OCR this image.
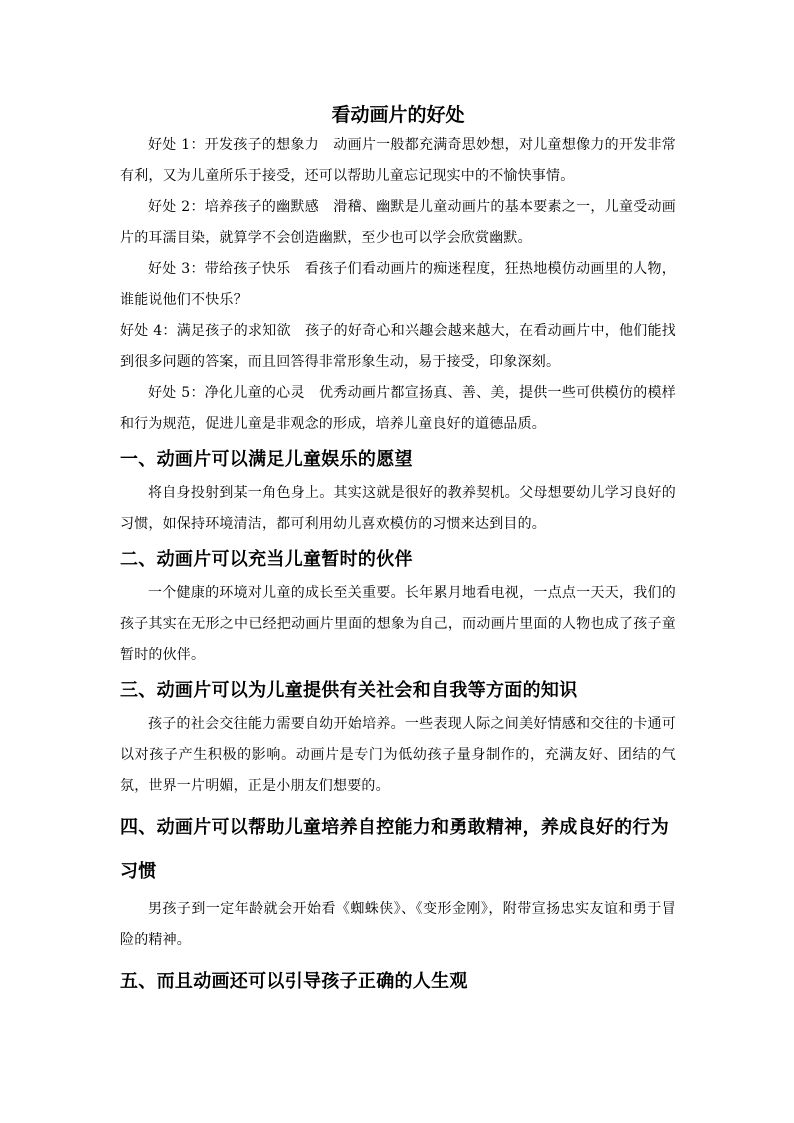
看动画片的好处

好处 1：开发孩子的想象力　动画片一般都充满奇思妙想，对儿童想像力的开发非常有利，又为儿童所乐于接受，还可以帮助儿童忘记现实中的不愉快事情。

好处 2：培养孩子的幽默感　滑稽、幽默是儿童动画片的基本要素之一，儿童受动画片的耳濡目染，就算学不会创造幽默，至少也可以学会欣赏幽默。

好处 3：带给孩子快乐　看孩子们看动画片的痴迷程度，狂热地模仿动画里的人物，谁能说他们不快乐？

好处 4：满足孩子的求知欲　孩子的好奇心和兴趣会越来越大，在看动画片中，他们能找到很多问题的答案，而且回答得非常形象生动，易于接受，印象深刻。

好处 5：净化儿童的心灵　优秀动画片都宣扬真、善、美，提供一些可供模仿的模样和行为规范，促进儿童是非观念的形成，培养儿童良好的道德品质。

一、动画片可以满足儿童娱乐的愿望

将自身投射到某一角色身上。其实这就是很好的教养契机。父母想要幼儿学习良好的习惯，如保持环境清洁，都可利用幼儿喜欢模仿的习惯来达到目的。

二、动画片可以充当儿童暂时的伙伴

一个健康的环境对儿童的成长至关重要。长年累月地看电视，一点点一天天，我们的孩子其实在无形之中已经把动画片里面的想象为自己，而动画片里面的人物也成了孩子童暂时的伙伴。

三、动画片可以为儿童提供有关社会和自我等方面的知识

孩子的社会交往能力需要自幼开始培养。一些表现人际之间美好情感和交往的卡通可以对孩子产生积极的影响。动画片是专门为低幼孩子量身制作的，充满友好、团结的气氛，世界一片明媚，正是小朋友们想要的。

四、动画片可以帮助儿童培养自控能力和勇敢精神，养成良好的行为习惯

男孩子到一定年龄就会开始看《蜘蛛侠》、《变形金刚》，附带宣扬忠实友谊和勇于冒险的精神。

五、而且动画还可以引导孩子正确的人生观
